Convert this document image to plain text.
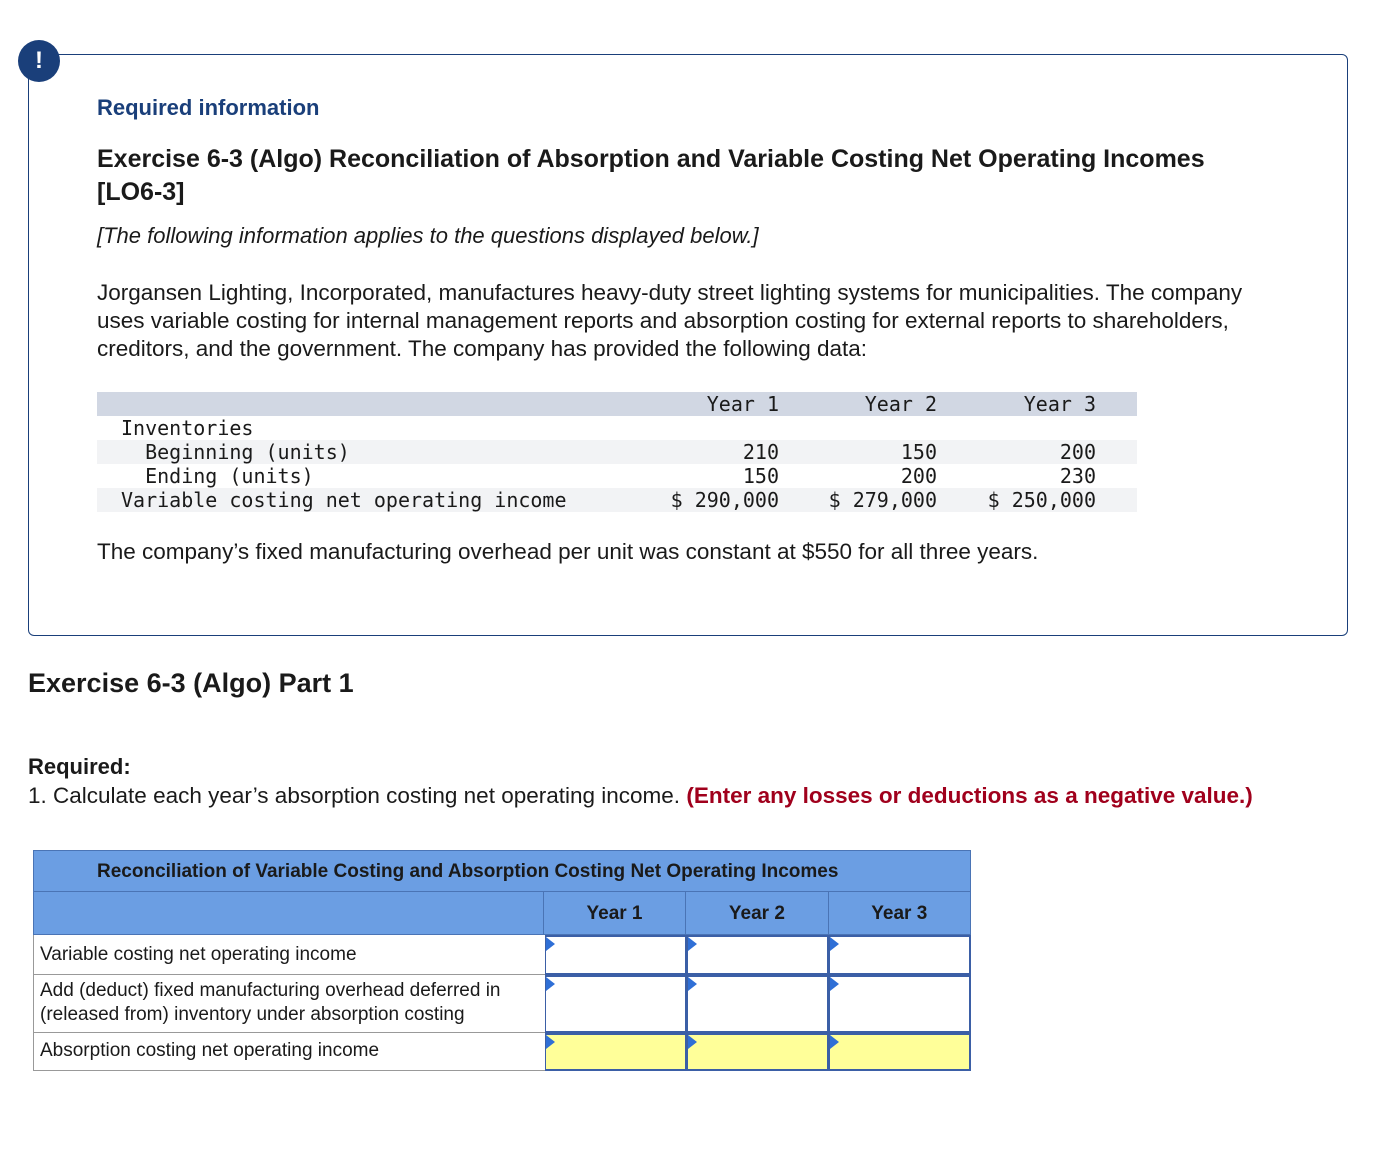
!
Required information
Exercise 6-3 (Algo) Reconciliation of Absorption and Variable Costing Net Operating Incomes [LO6-3]
[The following information applies to the questions displayed below.]
Jorgansen Lighting, Incorporated, manufactures heavy-duty street lighting systems for municipalities. The company uses variable costing for internal management reports and absorption costing for external reports to shareholders, creditors, and the government. The company has provided the following data:
Year 1	Year 2	Year 3
Inventories
Beginning (units)	210	150	200
Ending (units)	150	200	230
Variable costing net operating income	$ 290,000	$ 279,000	$ 250,000
The company’s fixed manufacturing overhead per unit was constant at $550 for all three years.
Exercise 6-3 (Algo) Part 1
Required:
1. Calculate each year’s absorption costing net operating income. (Enter any losses or deductions as a negative value.)
Reconciliation of Variable Costing and Absorption Costing Net Operating Incomes
Year 1	Year 2	Year 3
Variable costing net operating income
Add (deduct) fixed manufacturing overhead deferred in (released from) inventory under absorption costing
Absorption costing net operating income
